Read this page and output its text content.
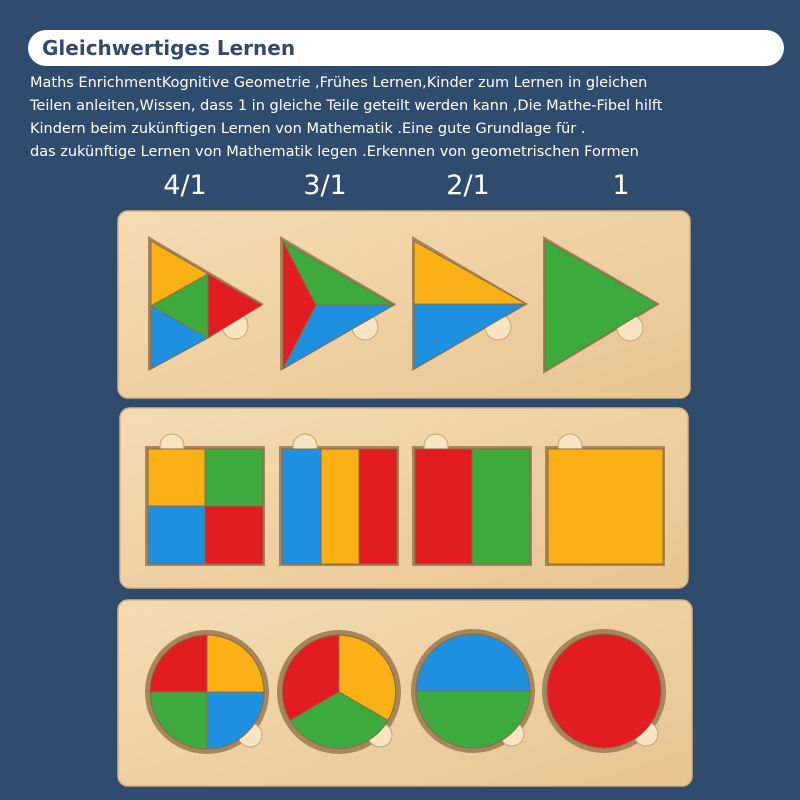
Gleichwertiges Lernen
Maths EnrichmentKognitive Geometrie ,Frühes Lernen,Kinder zum Lernen in gleichen
Teilen anleiten,Wissen, dass 1 in gleiche Teile geteilt werden kann ,Die Mathe-Fibel hilft
Kindern beim zukünftigen Lernen von Mathematik .Eine gute Grundlage für .
das zukünftige Lernen von Mathematik legen .Erkennen von geometrischen Formen
4/1	3/1	2/1	1
